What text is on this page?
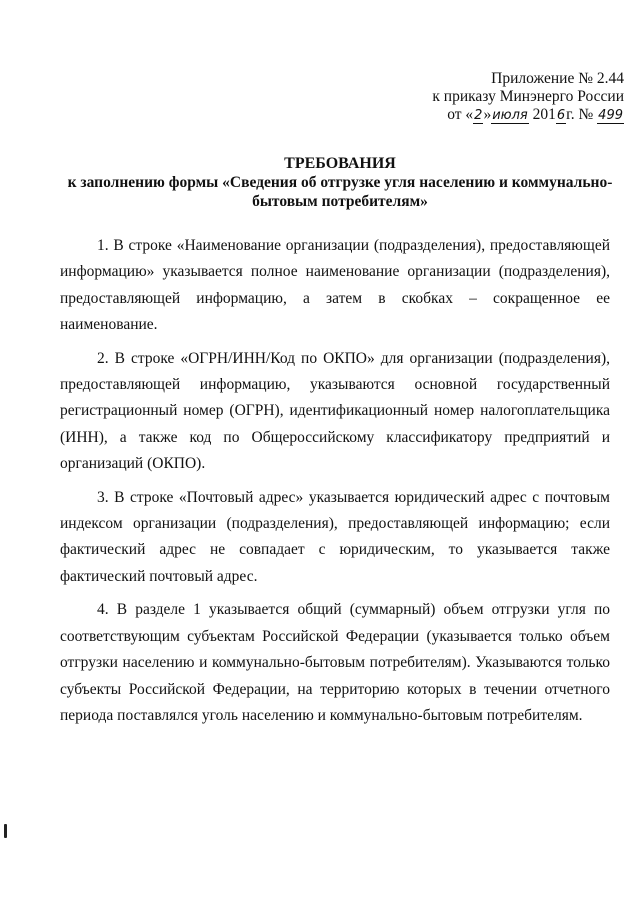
Приложение № 2.44
к приказу Минэнерго России
от «2»июля 2016г. № 499
ТРЕБОВАНИЯ
к заполнению формы «Сведения об отгрузке угля населению и коммунально-бытовым потребителям»

1. В строке «Наименование организации (подразделения), предоставляющей информацию» указывается полное наименование организации (подразделения), предоставляющей информацию, а затем в скобках – сокращенное ее наименование.

2. В строке «ОГРН/ИНН/Код по ОКПО» для организации (подразделения), предоставляющей информацию, указываются основной государственный регистрационный номер (ОГРН), идентификационный номер налогоплательщика (ИНН), а также код по Общероссийскому классификатору предприятий и организаций (ОКПО).

3. В строке «Почтовый адрес» указывается юридический адрес с почтовым индексом организации (подразделения), предоставляющей информацию; если фактический адрес не совпадает с юридическим, то указывается также фактический почтовый адрес.

4. В разделе 1 указывается общий (суммарный) объем отгрузки угля по соответствующим субъектам Российской Федерации (указывается только объем отгрузки населению и коммунально-бытовым потребителям). Указываются только субъекты Российской Федерации, на территорию которых в течении отчетного периода поставлялся уголь населению и коммунально-бытовым потребителям.
